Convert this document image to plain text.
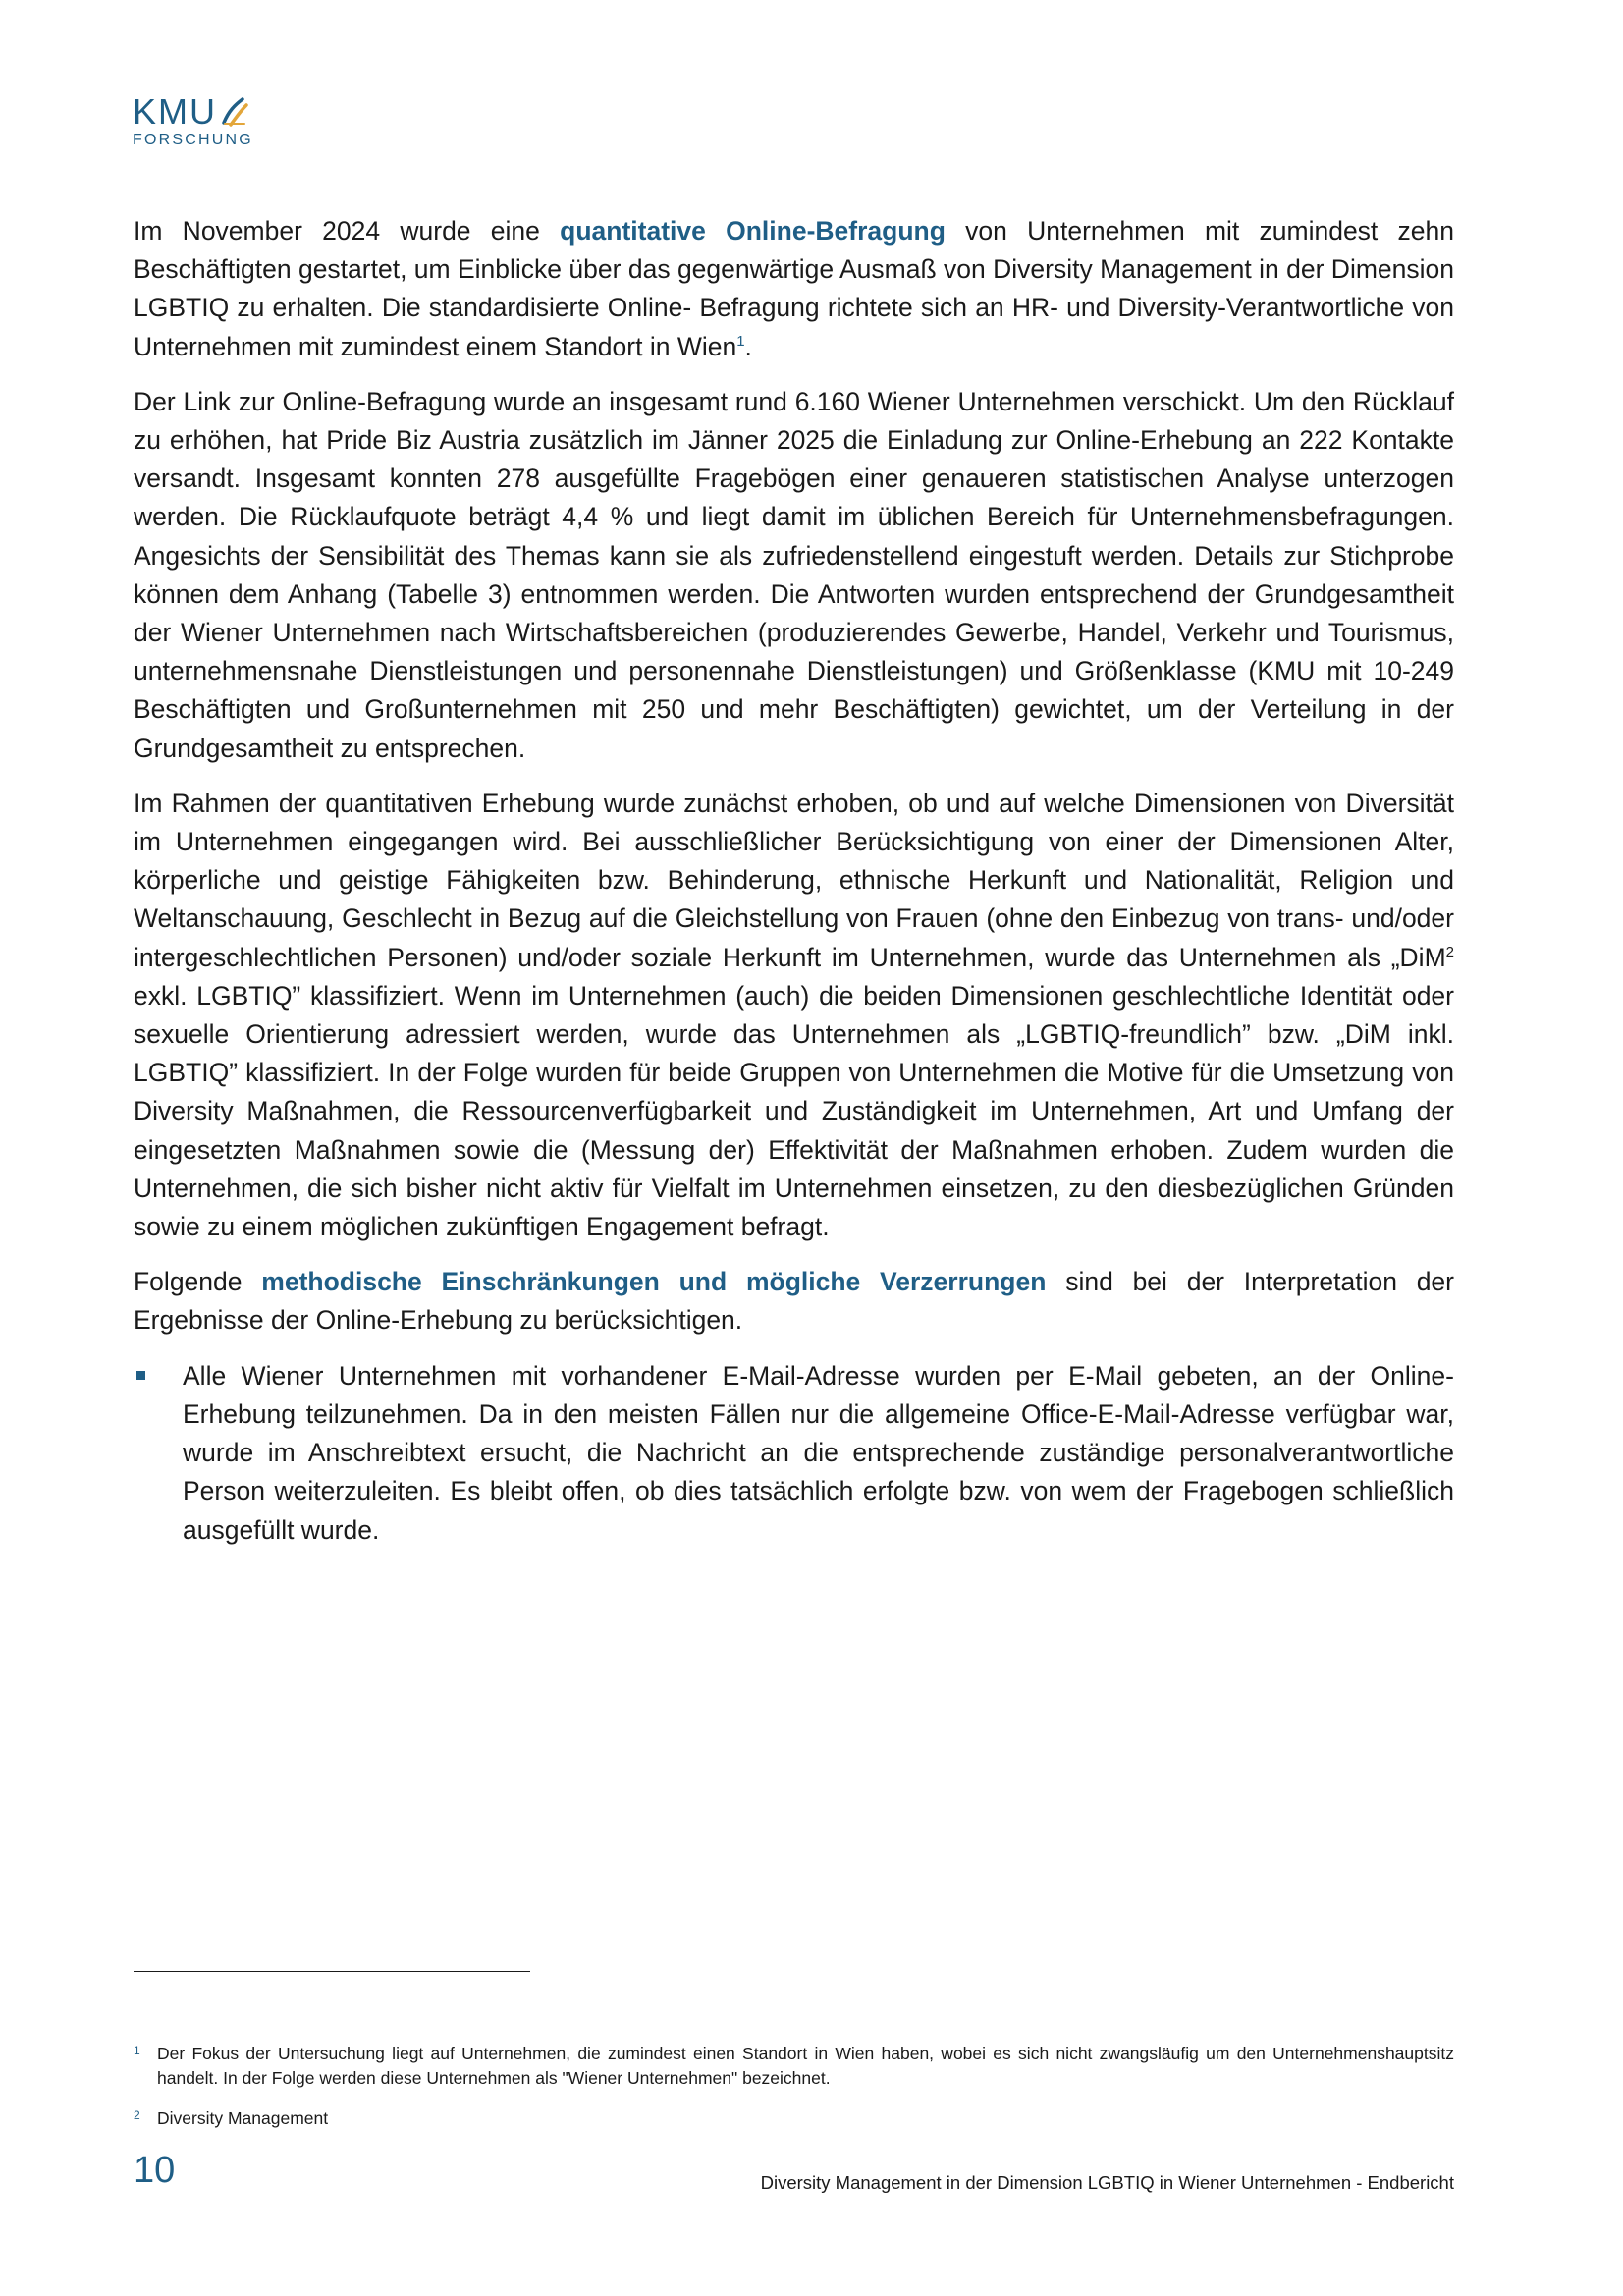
KMU
FORSCHUNG

Im November 2024 wurde eine quantitative Online-Befragung von Unternehmen mit zumindest zehn Beschäftigten gestartet, um Einblicke über das gegenwärtige Ausmaß von Diversity Management in der Dimension LGBTIQ zu erhalten. Die standardisierte Online- Befragung richtete sich an HR- und Diversity-Verantwortliche von Unternehmen mit zumindest einem Standort in Wien$^1$.

Der Link zur Online-Befragung wurde an insgesamt rund 6.160 Wiener Unternehmen verschickt. Um den Rücklauf zu erhöhen, hat Pride Biz Austria zusätzlich im Jänner 2025 die Einladung zur Online-Erhebung an 222 Kontakte versandt. Insgesamt konnten 278 ausgefüllte Fragebögen einer genaueren statistischen Analyse unterzogen werden. Die Rücklaufquote beträgt 4,4 % und liegt damit im üblichen Bereich für Unternehmensbefragungen. Angesichts der Sensibilität des Themas kann sie als zufriedenstellend eingestuft werden. Details zur Stichprobe können dem Anhang (Tabelle 3) entnommen werden. Die Antworten wurden entsprechend der Grundgesamtheit der Wiener Unternehmen nach Wirtschaftsbereichen (produzierendes Gewerbe, Handel, Verkehr und Tourismus, unternehmensnahe Dienstleistungen und personennahe Dienstleistungen) und Größenklasse (KMU mit 10-249 Beschäftigten und Großunternehmen mit 250 und mehr Beschäftigten) gewichtet, um der Verteilung in der Grundgesamtheit zu entsprechen.

Im Rahmen der quantitativen Erhebung wurde zunächst erhoben, ob und auf welche Dimensionen von Diversität im Unternehmen eingegangen wird. Bei ausschließlicher Berücksichtigung von einer der Dimensionen Alter, körperliche und geistige Fähigkeiten bzw. Behinderung, ethnische Herkunft und Nationalität, Religion und Weltanschauung, Geschlecht in Bezug auf die Gleichstellung von Frauen (ohne den Einbezug von trans- und/oder intergeschlechtlichen Personen) und/oder soziale Herkunft im Unternehmen, wurde das Unternehmen als „DiM$^2$ exkl. LGBTIQ” klassifiziert. Wenn im Unternehmen (auch) die beiden Dimensionen geschlechtliche Identität oder sexuelle Orientierung adressiert werden, wurde das Unternehmen als „LGBTIQ-freundlich” bzw. „DiM inkl. LGBTIQ” klassifiziert. In der Folge wurden für beide Gruppen von Unternehmen die Motive für die Umsetzung von Diversity Maßnahmen, die Ressourcenverfügbarkeit und Zuständigkeit im Unternehmen, Art und Umfang der eingesetzten Maßnahmen sowie die (Messung der) Effektivität der Maßnahmen erhoben. Zudem wurden die Unternehmen, die sich bisher nicht aktiv für Vielfalt im Unternehmen einsetzen, zu den diesbezüglichen Gründen sowie zu einem möglichen zukünftigen Engagement befragt.

Folgende methodische Einschränkungen und mögliche Verzerrungen sind bei der Interpretation der Ergebnisse der Online-Erhebung zu berücksichtigen.

Alle Wiener Unternehmen mit vorhandener E-Mail-Adresse wurden per E-Mail gebeten, an der Online-Erhebung teilzunehmen. Da in den meisten Fällen nur die allgemeine Office-E-Mail-Adresse verfügbar war, wurde im Anschreibtext ersucht, die Nachricht an die entsprechende zuständige personalverantwortliche Person weiterzuleiten. Es bleibt offen, ob dies tatsächlich erfolgte bzw. von wem der Fragebogen schließlich ausgefüllt wurde.
1 Der Fokus der Untersuchung liegt auf Unternehmen, die zumindest einen Standort in Wien haben, wobei es sich nicht zwangsläufig um den Unternehmenshauptsitz handelt. In der Folge werden diese Unternehmen als "Wiener Unternehmen" bezeichnet.
2 Diversity Management
10	Diversity Management in der Dimension LGBTIQ in Wiener Unternehmen - Endbericht
